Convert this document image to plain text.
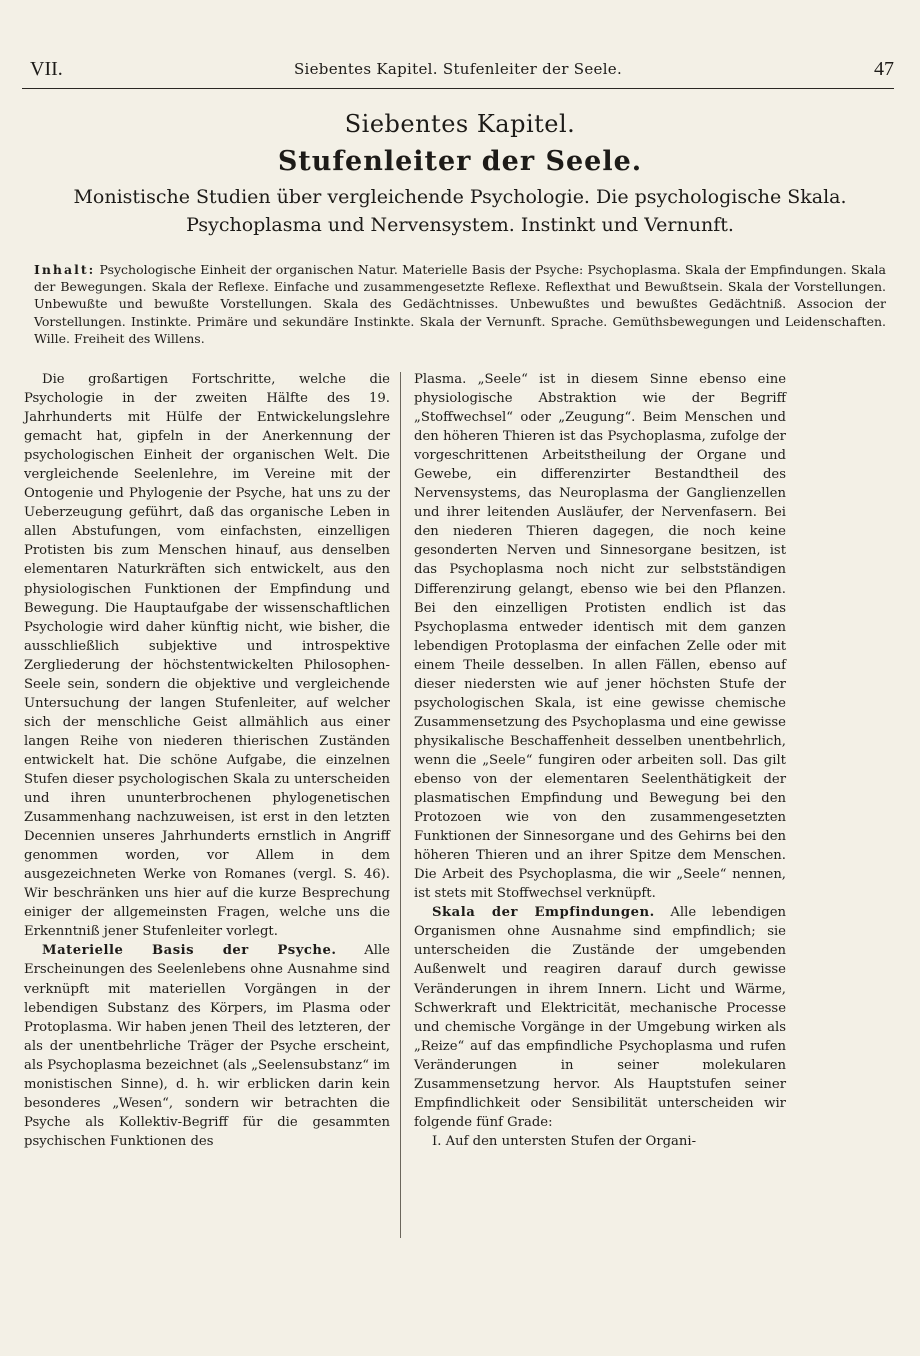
VII.	Siebentes Kapitel. Stufenleiter der Seele.	47
Siebentes Kapitel.
Stufenleiter der Seele.
Monistische Studien über vergleichende Psychologie. Die psychologische Skala.
Psychoplasma und Nervensystem. Instinkt und Vernunft.
Inhalt: Psychologische Einheit der organischen Natur. Materielle Basis der Psyche: Psychoplasma. Skala der Empfindungen. Skala der Bewegungen. Skala der Reflexe. Einfache und zusammengesetzte Reflexe. Reflexthat und Bewußtsein. Skala der Vorstellungen. Unbewußte und bewußte Vorstellungen. Skala des Gedächtnisses. Unbewußtes und bewußtes Gedächtniß. Associon der Vorstellungen. Instinkte. Primäre und sekundäre Instinkte. Skala der Vernunft. Sprache. Gemüthsbewegungen und Leidenschaften. Wille. Freiheit des Willens.

Die großartigen Fortschritte, welche die Psychologie in der zweiten Hälfte des 19. Jahrhunderts mit Hülfe der Entwickelungslehre gemacht hat, gipfeln in der Anerkennung der psychologischen Einheit der organischen Welt. Die vergleichende Seelenlehre, im Vereine mit der Ontogenie und Phylogenie der Psyche, hat uns zu der Ueberzeugung geführt, daß das organische Leben in allen Abstufungen, vom einfachsten, einzelligen Protisten bis zum Menschen hinauf, aus denselben elementaren Naturkräften sich entwickelt, aus den physiologischen Funktionen der Empfindung und Bewegung. Die Hauptaufgabe der wissenschaftlichen Psychologie wird daher künftig nicht, wie bisher, die ausschließlich subjektive und introspektive Zergliederung der höchstentwickelten Philosophen-Seele sein, sondern die objektive und vergleichende Untersuchung der langen Stufenleiter, auf welcher sich der menschliche Geist allmählich aus einer langen Reihe von niederen thierischen Zuständen entwickelt hat. Die schöne Aufgabe, die einzelnen Stufen dieser psychologischen Skala zu unterscheiden und ihren ununterbrochenen phylogenetischen Zusammenhang nachzuweisen, ist erst in den letzten Decennien unseres Jahrhunderts ernstlich in Angriff genommen worden, vor Allem in dem ausgezeichneten Werke von Romanes (vergl. S. 46). Wir beschränken uns hier auf die kurze Besprechung einiger der allgemeinsten Fragen, welche uns die Erkenntniß jener Stufenleiter vorlegt.

Materielle Basis der Psyche. Alle Erscheinungen des Seelenlebens ohne Ausnahme sind verknüpft mit materiellen Vorgängen in der lebendigen Substanz des Körpers, im Plasma oder Protoplasma. Wir haben jenen Theil des letzteren, der als der unentbehrliche Träger der Psyche erscheint, als Psychoplasma bezeichnet (als „Seelensubstanz“ im monistischen Sinne), d. h. wir erblicken darin kein besonderes „Wesen“, sondern wir betrachten die Psyche als Kollektiv-Begriff für die gesammten psychischen Funktionen des

Plasma. „Seele“ ist in diesem Sinne ebenso eine physiologische Abstraktion wie der Begriff „Stoffwechsel“ oder „Zeugung“. Beim Menschen und den höheren Thieren ist das Psychoplasma, zufolge der vorgeschrittenen Arbeitstheilung der Organe und Gewebe, ein differenzirter Bestandtheil des Nervensystems, das Neuroplasma der Ganglienzellen und ihrer leitenden Ausläufer, der Nervenfasern. Bei den niederen Thieren dagegen, die noch keine gesonderten Nerven und Sinnesorgane besitzen, ist das Psychoplasma noch nicht zur selbstständigen Differenzirung gelangt, ebenso wie bei den Pflanzen. Bei den einzelligen Protisten endlich ist das Psychoplasma entweder identisch mit dem ganzen lebendigen Protoplasma der einfachen Zelle oder mit einem Theile desselben. In allen Fällen, ebenso auf dieser niedersten wie auf jener höchsten Stufe der psychologischen Skala, ist eine gewisse chemische Zusammensetzung des Psychoplasma und eine gewisse physikalische Beschaffenheit desselben unentbehrlich, wenn die „Seele“ fungiren oder arbeiten soll. Das gilt ebenso von der elementaren Seelenthätigkeit der plasmatischen Empfindung und Bewegung bei den Protozoen wie von den zusammengesetzten Funktionen der Sinnesorgane und des Gehirns bei den höheren Thieren und an ihrer Spitze dem Menschen. Die Arbeit des Psychoplasma, die wir „Seele“ nennen, ist stets mit Stoffwechsel verknüpft.

Skala der Empfindungen. Alle lebendigen Organismen ohne Ausnahme sind empfindlich; sie unterscheiden die Zustände der umgebenden Außenwelt und reagiren darauf durch gewisse Veränderungen in ihrem Innern. Licht und Wärme, Schwerkraft und Elektricität, mechanische Processe und chemische Vorgänge in der Umgebung wirken als „Reize“ auf das empfindliche Psychoplasma und rufen Veränderungen in seiner molekularen Zusammensetzung hervor. Als Hauptstufen seiner Empfindlichkeit oder Sensibilität unterscheiden wir folgende fünf Grade:

I. Auf den untersten Stufen der Organi-
